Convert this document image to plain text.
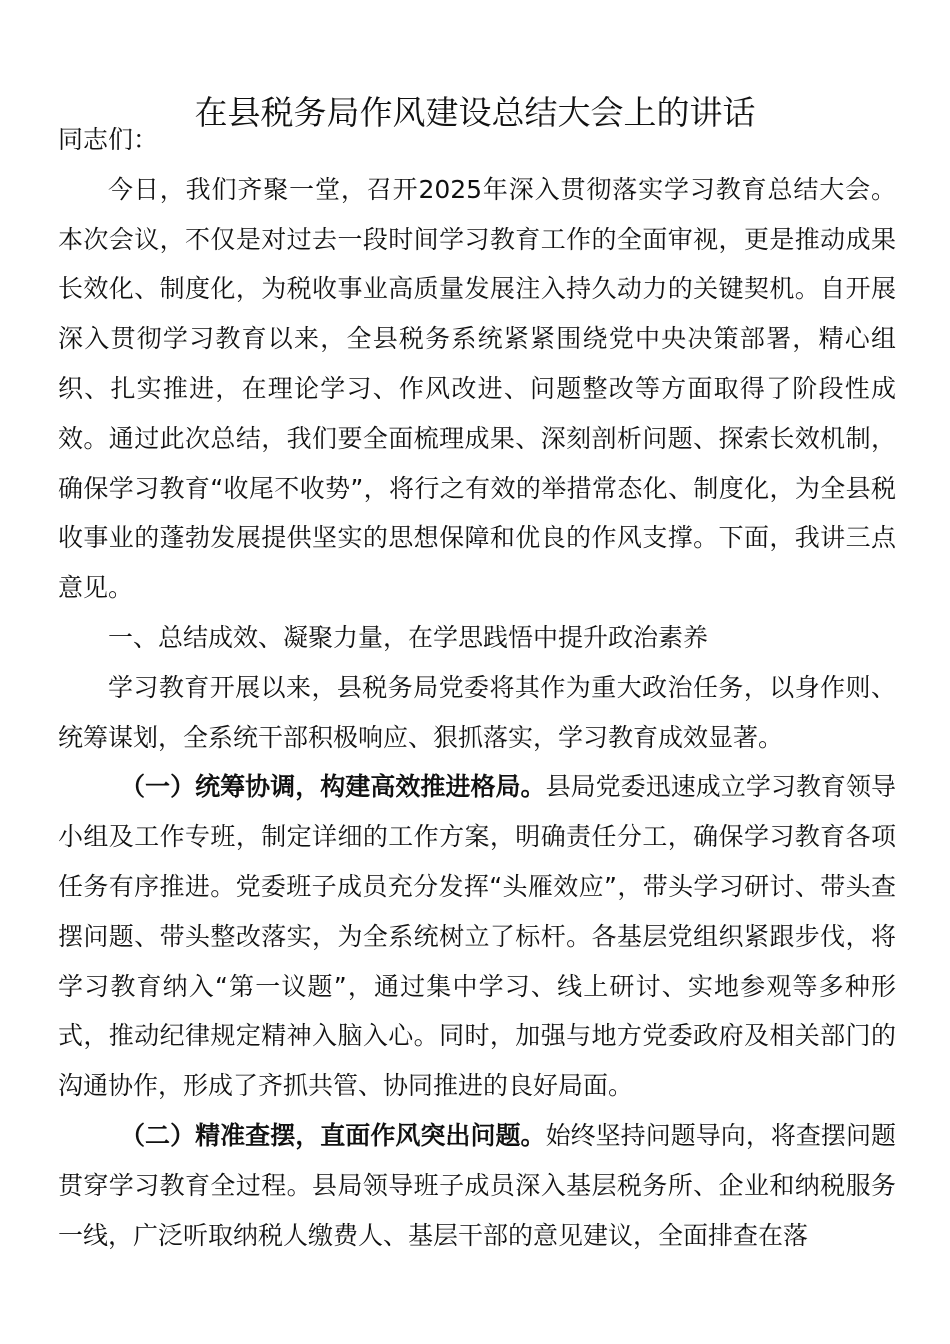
在县税务局作风建设总结大会上的讲话

同志们：

今日，我们齐聚一堂，召开2025年深入贯彻落实学习教育总结大会。本次会议，不仅是对过去一段时间学习教育工作的全面审视，更是推动成果长效化、制度化，为税收事业高质量发展注入持久动力的关键契机。自开展深入贯彻学习教育以来，全县税务系统紧紧围绕党中央决策部署，精心组织、扎实推进，在理论学习、作风改进、问题整改等方面取得了阶段性成效。通过此次总结，我们要全面梳理成果、深刻剖析问题、探索长效机制，确保学习教育“收尾不收势”，将行之有效的举措常态化、制度化，为全县税收事业的蓬勃发展提供坚实的思想保障和优良的作风支撑。下面，我讲三点意见。

一、总结成效、凝聚力量，在学思践悟中提升政治素养

学习教育开展以来，县税务局党委将其作为重大政治任务，以身作则、统筹谋划，全系统干部积极响应、狠抓落实，学习教育成效显著。

（一）统筹协调，构建高效推进格局。县局党委迅速成立学习教育领导小组及工作专班，制定详细的工作方案，明确责任分工，确保学习教育各项任务有序推进。党委班子成员充分发挥“头雁效应”，带头学习研讨、带头查摆问题、带头整改落实，为全系统树立了标杆。各基层党组织紧跟步伐，将学习教育纳入“第一议题”，通过集中学习、线上研讨、实地参观等多种形式，推动纪律规定精神入脑入心。同时，加强与地方党委政府及相关部门的沟通协作，形成了齐抓共管、协同推进的良好局面。

（二）精准查摆，直面作风突出问题。始终坚持问题导向，将查摆问题贯穿学习教育全过程。县局领导班子成员深入基层税务所、企业和纳税服务一线，广泛听取纳税人缴费人、基层干部的意见建议，全面排查在落
